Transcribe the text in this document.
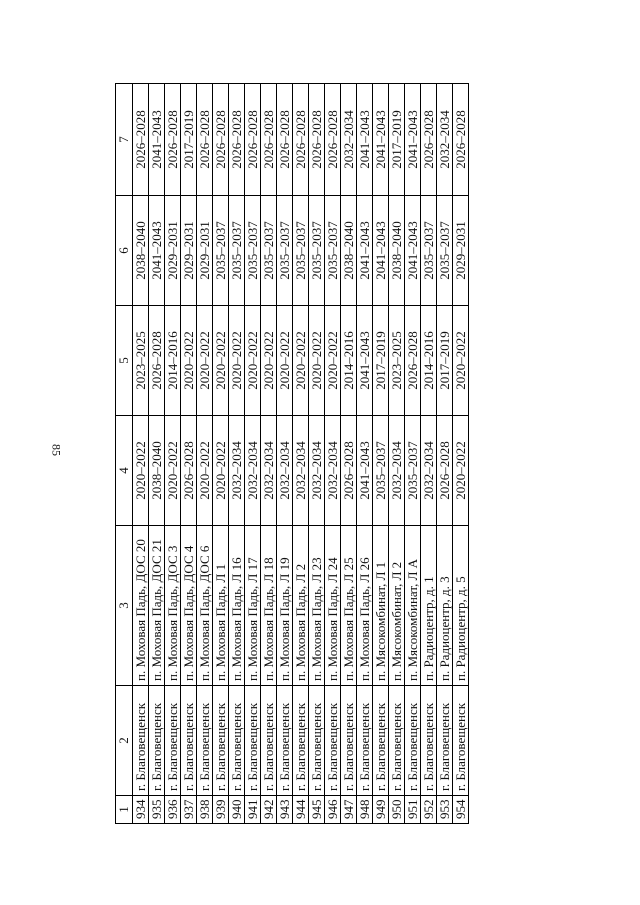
85
1	2	3	4	5	6	7
934	г. Благовещенск	п. Моховая Падь, ДОС 20	2020–2022	2023–2025	2038–2040	2026–2028
935	г. Благовещенск	п. Моховая Падь, ДОС 21	2038–2040	2026–2028	2041–2043	2041–2043
936	г. Благовещенск	п. Моховая Падь, ДОС 3	2020–2022	2014–2016	2029–2031	2026–2028
937	г. Благовещенск	п. Моховая Падь, ДОС 4	2026–2028	2020–2022	2029–2031	2017–2019
938	г. Благовещенск	п. Моховая Падь, ДОС 6	2020–2022	2020–2022	2029–2031	2026–2028
939	г. Благовещенск	п. Моховая Падь, Л 1	2020–2022	2020–2022	2035–2037	2026–2028
940	г. Благовещенск	п. Моховая Падь, Л 16	2032–2034	2020–2022	2035–2037	2026–2028
941	г. Благовещенск	п. Моховая Падь, Л 17	2032–2034	2020–2022	2035–2037	2026–2028
942	г. Благовещенск	п. Моховая Падь, Л 18	2032–2034	2020–2022	2035–2037	2026–2028
943	г. Благовещенск	п. Моховая Падь, Л 19	2032–2034	2020–2022	2035–2037	2026–2028
944	г. Благовещенск	п. Моховая Падь, Л 2	2032–2034	2020–2022	2035–2037	2026–2028
945	г. Благовещенск	п. Моховая Падь, Л 23	2032–2034	2020–2022	2035–2037	2026–2028
946	г. Благовещенск	п. Моховая Падь, Л 24	2032–2034	2020–2022	2035–2037	2026–2028
947	г. Благовещенск	п. Моховая Падь, Л 25	2026–2028	2014–2016	2038–2040	2032–2034
948	г. Благовещенск	п. Моховая Падь, Л 26	2041–2043	2041–2043	2041–2043	2041–2043
949	г. Благовещенск	п. Мясокомбинат, Л 1	2035–2037	2017–2019	2041–2043	2041–2043
950	г. Благовещенск	п. Мясокомбинат, Л 2	2032–2034	2023–2025	2038–2040	2017–2019
951	г. Благовещенск	п. Мясокомбинат, Л А	2035–2037	2026–2028	2041–2043	2041–2043
952	г. Благовещенск	п. Радиоцентр, д. 1	2032–2034	2014–2016	2035–2037	2026–2028
953	г. Благовещенск	п. Радиоцентр, д. 3	2026–2028	2017–2019	2035–2037	2032–2034
954	г. Благовещенск	п. Радиоцентр, д. 5	2020–2022	2020–2022	2029–2031	2026–2028
